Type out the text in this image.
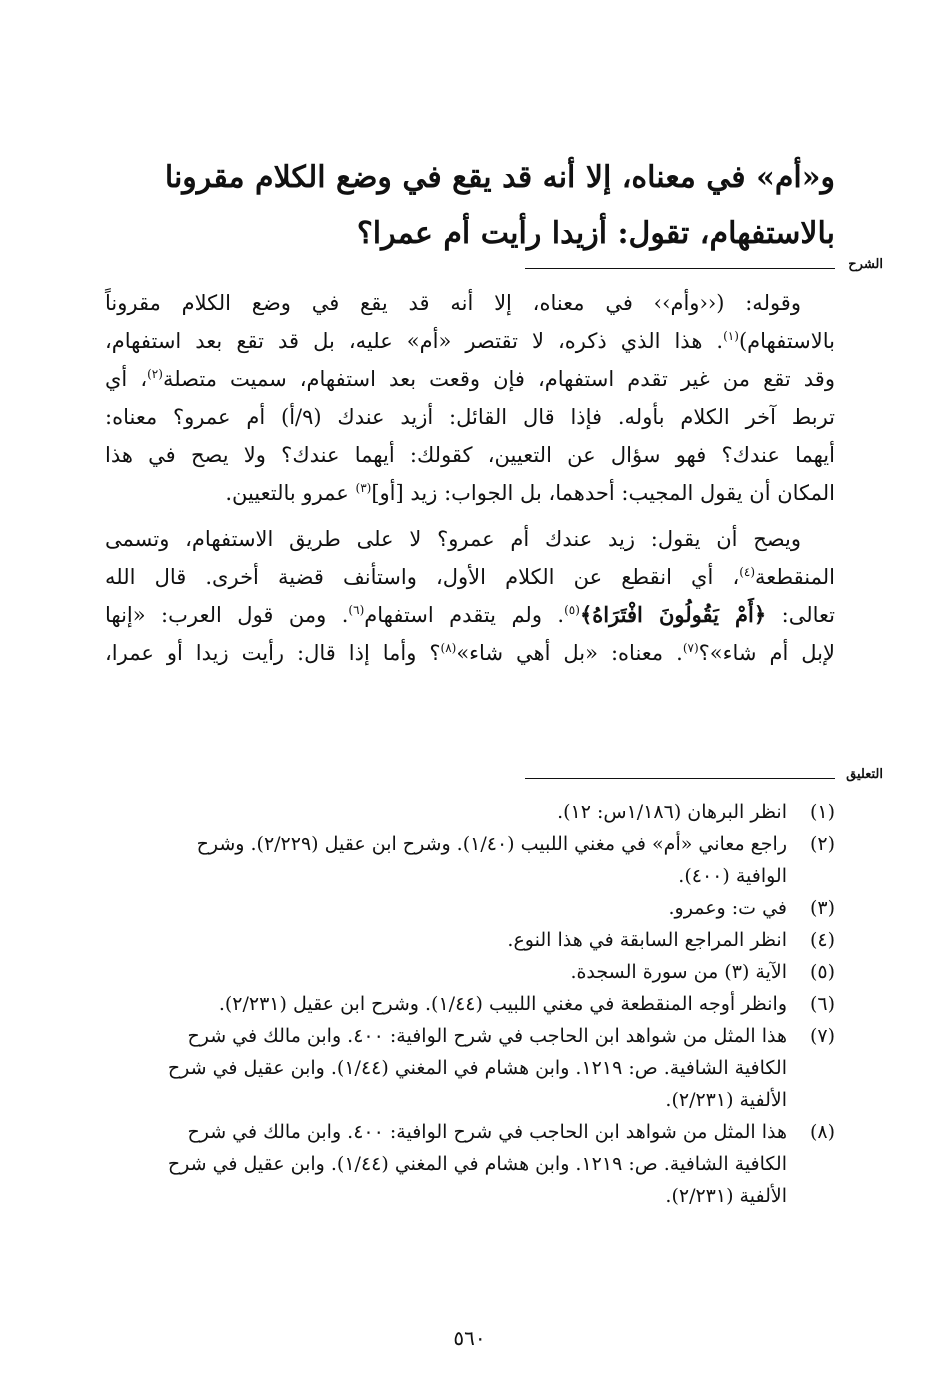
و«أم» في معناه، إلا أنه قد يقع في وضع الكلام مقرونا
بالاستفهام، تقول: أزيدا رأيت أم عمرا؟
الشرح
وقوله: (‹‹وأم›› في معناه، إلا أنه قد يقع في وضع الكلام مقروناً
بالاستفهام)$^{(١)}$. هذا الذي ذكره، لا تقتصر «أم» عليه، بل قد تقع بعد استفهام،
وقد تقع من غير تقدم استفهام، فإن وقعت بعد استفهام، سميت متصلة$^{(٢)}$، أي
تربط آخر الكلام بأوله. فإذا قال القائل: أزيد عندك (٩/أ) أم عمرو؟ معناه:
أيهما عندك؟ فهو سؤال عن التعيين، كقولك: أيهما عندك؟ ولا يصح في هذا
المكان أن يقول المجيب: أحدهما، بل الجواب: زيد [أو]$^{(٣)}$ عمرو بالتعيين.
ويصح أن يقول: زيد عندك أم عمرو؟ لا على طريق الاستفهام، وتسمى
المنقطعة$^{(٤)}$، أي انقطع عن الكلام الأول، واستأنف قضية أخرى. قال الله
تعالى: ﴿أَمْ يَقُولُونَ افْتَرَاهُ﴾$^{(٥)}$. ولم يتقدم استفهام$^{(٦)}$. ومن قول العرب: «إنها
لإبل أم شاء»؟$^{(٧)}$. معناه: «بل أهي شاء»$^{(٨)}$؟ وأما إذا قال: رأيت زيدا أو عمرا،
التعليق
(١)
انظر البرهان (١/١٨٦س: ١٢).
(٢)
راجع معاني «أم» في مغني اللبيب (١/٤٠). وشرح ابن عقيل (٢/٢٢٩). وشرح
الوافية (٤٠٠).
(٣)
في ت: وعمرو.
(٤)
انظر المراجع السابقة في هذا النوع.
(٥)
الآية (٣) من سورة السجدة.
(٦)
وانظر أوجه المنقطعة في مغني اللبيب (١/٤٤). وشرح ابن عقيل (٢/٢٣١).
(٧)
هذا المثل من شواهد ابن الحاجب في شرح الوافية: ٤٠٠. وابن مالك في شرح
الكافية الشافية. ص: ١٢١٩. وابن هشام في المغني (١/٤٤). وابن عقيل في شرح
الألفية (٢/٢٣١).
(٨)
هذا المثل من شواهد ابن الحاجب في شرح الوافية: ٤٠٠. وابن مالك في شرح
الكافية الشافية. ص: ١٢١٩. وابن هشام في المغني (١/٤٤). وابن عقيل في شرح
الألفية (٢/٢٣١).
٥٦٠
